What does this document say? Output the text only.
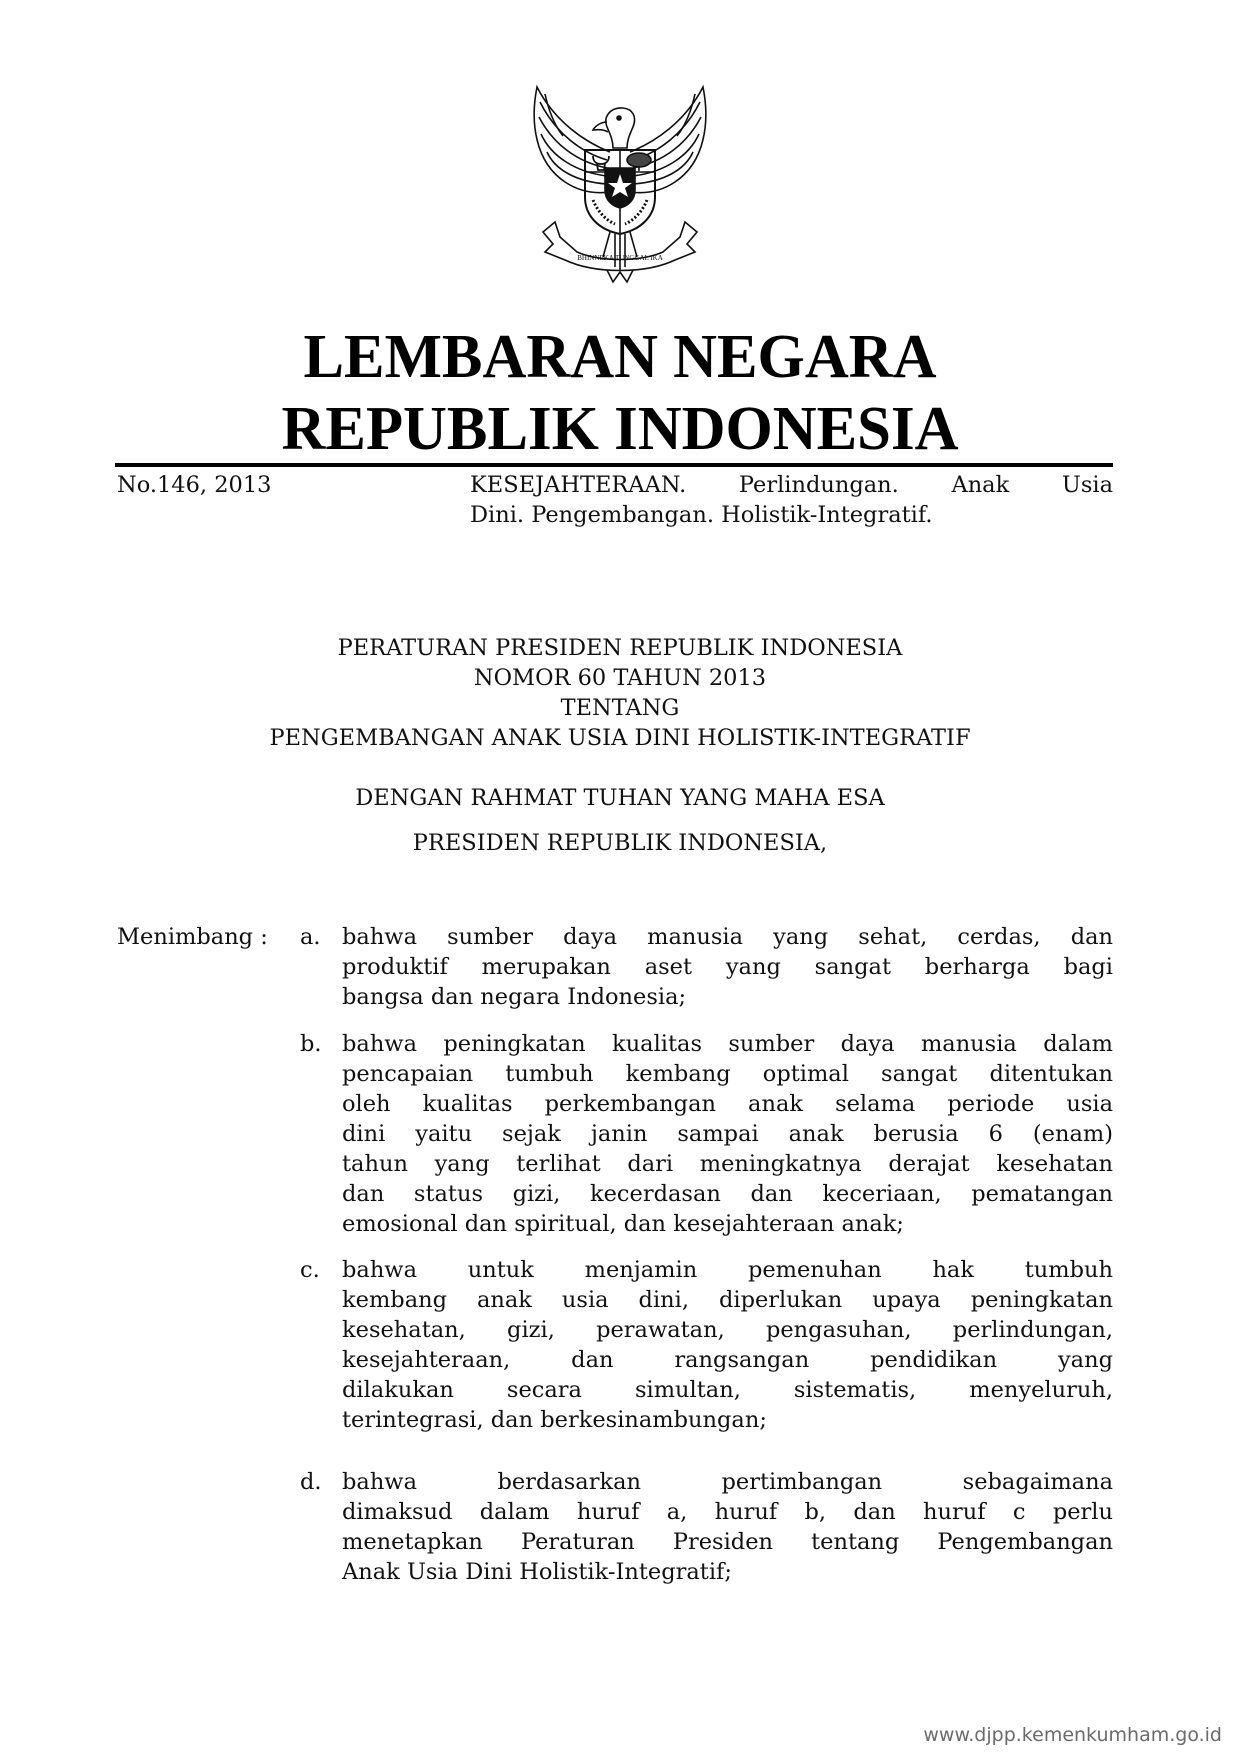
BHINNEKA TUNGGAL IKA
LEMBARAN NEGARA
REPUBLIK INDONESIA
No.146, 2013	KESEJAHTERAAN. Perlindungan. Anak Usia
Dini. Pengembangan. Holistik-Integratif.
PERATURAN PRESIDEN REPUBLIK INDONESIA
NOMOR 60 TAHUN 2013
TENTANG
PENGEMBANGAN ANAK USIA DINI HOLISTIK-INTEGRATIF
DENGAN RAHMAT TUHAN YANG MAHA ESA
PRESIDEN REPUBLIK INDONESIA,
Menimbang : a. bahwa sumber daya manusia yang sehat, cerdas, dan
produktif merupakan aset yang sangat berharga bagi
bangsa dan negara Indonesia;
b. bahwa peningkatan kualitas sumber daya manusia dalam
pencapaian tumbuh kembang optimal sangat ditentukan
oleh kualitas perkembangan anak selama periode usia
dini yaitu sejak janin sampai anak berusia 6 (enam)
tahun yang terlihat dari meningkatnya derajat kesehatan
dan status gizi, kecerdasan dan keceriaan, pematangan
emosional dan spiritual, dan kesejahteraan anak;
c. bahwa untuk menjamin pemenuhan hak tumbuh
kembang anak usia dini, diperlukan upaya peningkatan
kesehatan, gizi, perawatan, pengasuhan, perlindungan,
kesejahteraan, dan rangsangan pendidikan yang
dilakukan secara simultan, sistematis, menyeluruh,
terintegrasi, dan berkesinambungan;
d. bahwa berdasarkan pertimbangan sebagaimana
dimaksud dalam huruf a, huruf b, dan huruf c perlu
menetapkan Peraturan Presiden tentang Pengembangan
Anak Usia Dini Holistik-Integratif;
www.djpp.kemenkumham.go.id
